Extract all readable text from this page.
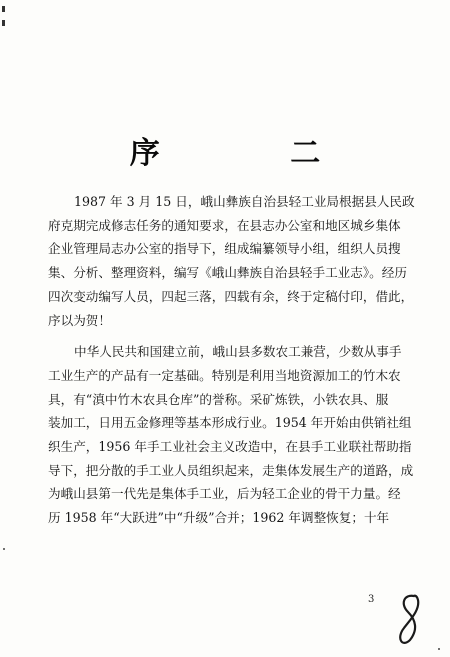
序 二

1987 年 3 月 15 日，峨山彝族自治县轻工业局根据县人民政
府克期完成修志任务的通知要求，在县志办公室和地区城乡集体
企业管理局志办公室的指导下，组成编纂领导小组，组织人员搜
集、分析、整理资料，编写《峨山彝族自治县轻手工业志》。经历
四次变动编写人员，四起三落，四载有余，终于定稿付印，借此，
序以为贺！

中华人民共和国建立前，峨山县多数农工兼营，少数从事手
工业生产的产品有一定基础。特别是利用当地资源加工的竹木农
具，有“滇中竹木农具仓库”的誉称。采矿炼铁，小铁农具、服
装加工，日用五金修理等基本形成行业。1954 年开始由供销社组
织生产，1956 年手工业社会主义改造中，在县手工业联社帮助指
导下，把分散的手工业人员组织起来，走集体发展生产的道路，成
为峨山县第一代先是集体手工业，后为轻工企业的骨干力量。经
历 1958 年“大跃进”中“升级”合并；1962 年调整恢复；十年

3
